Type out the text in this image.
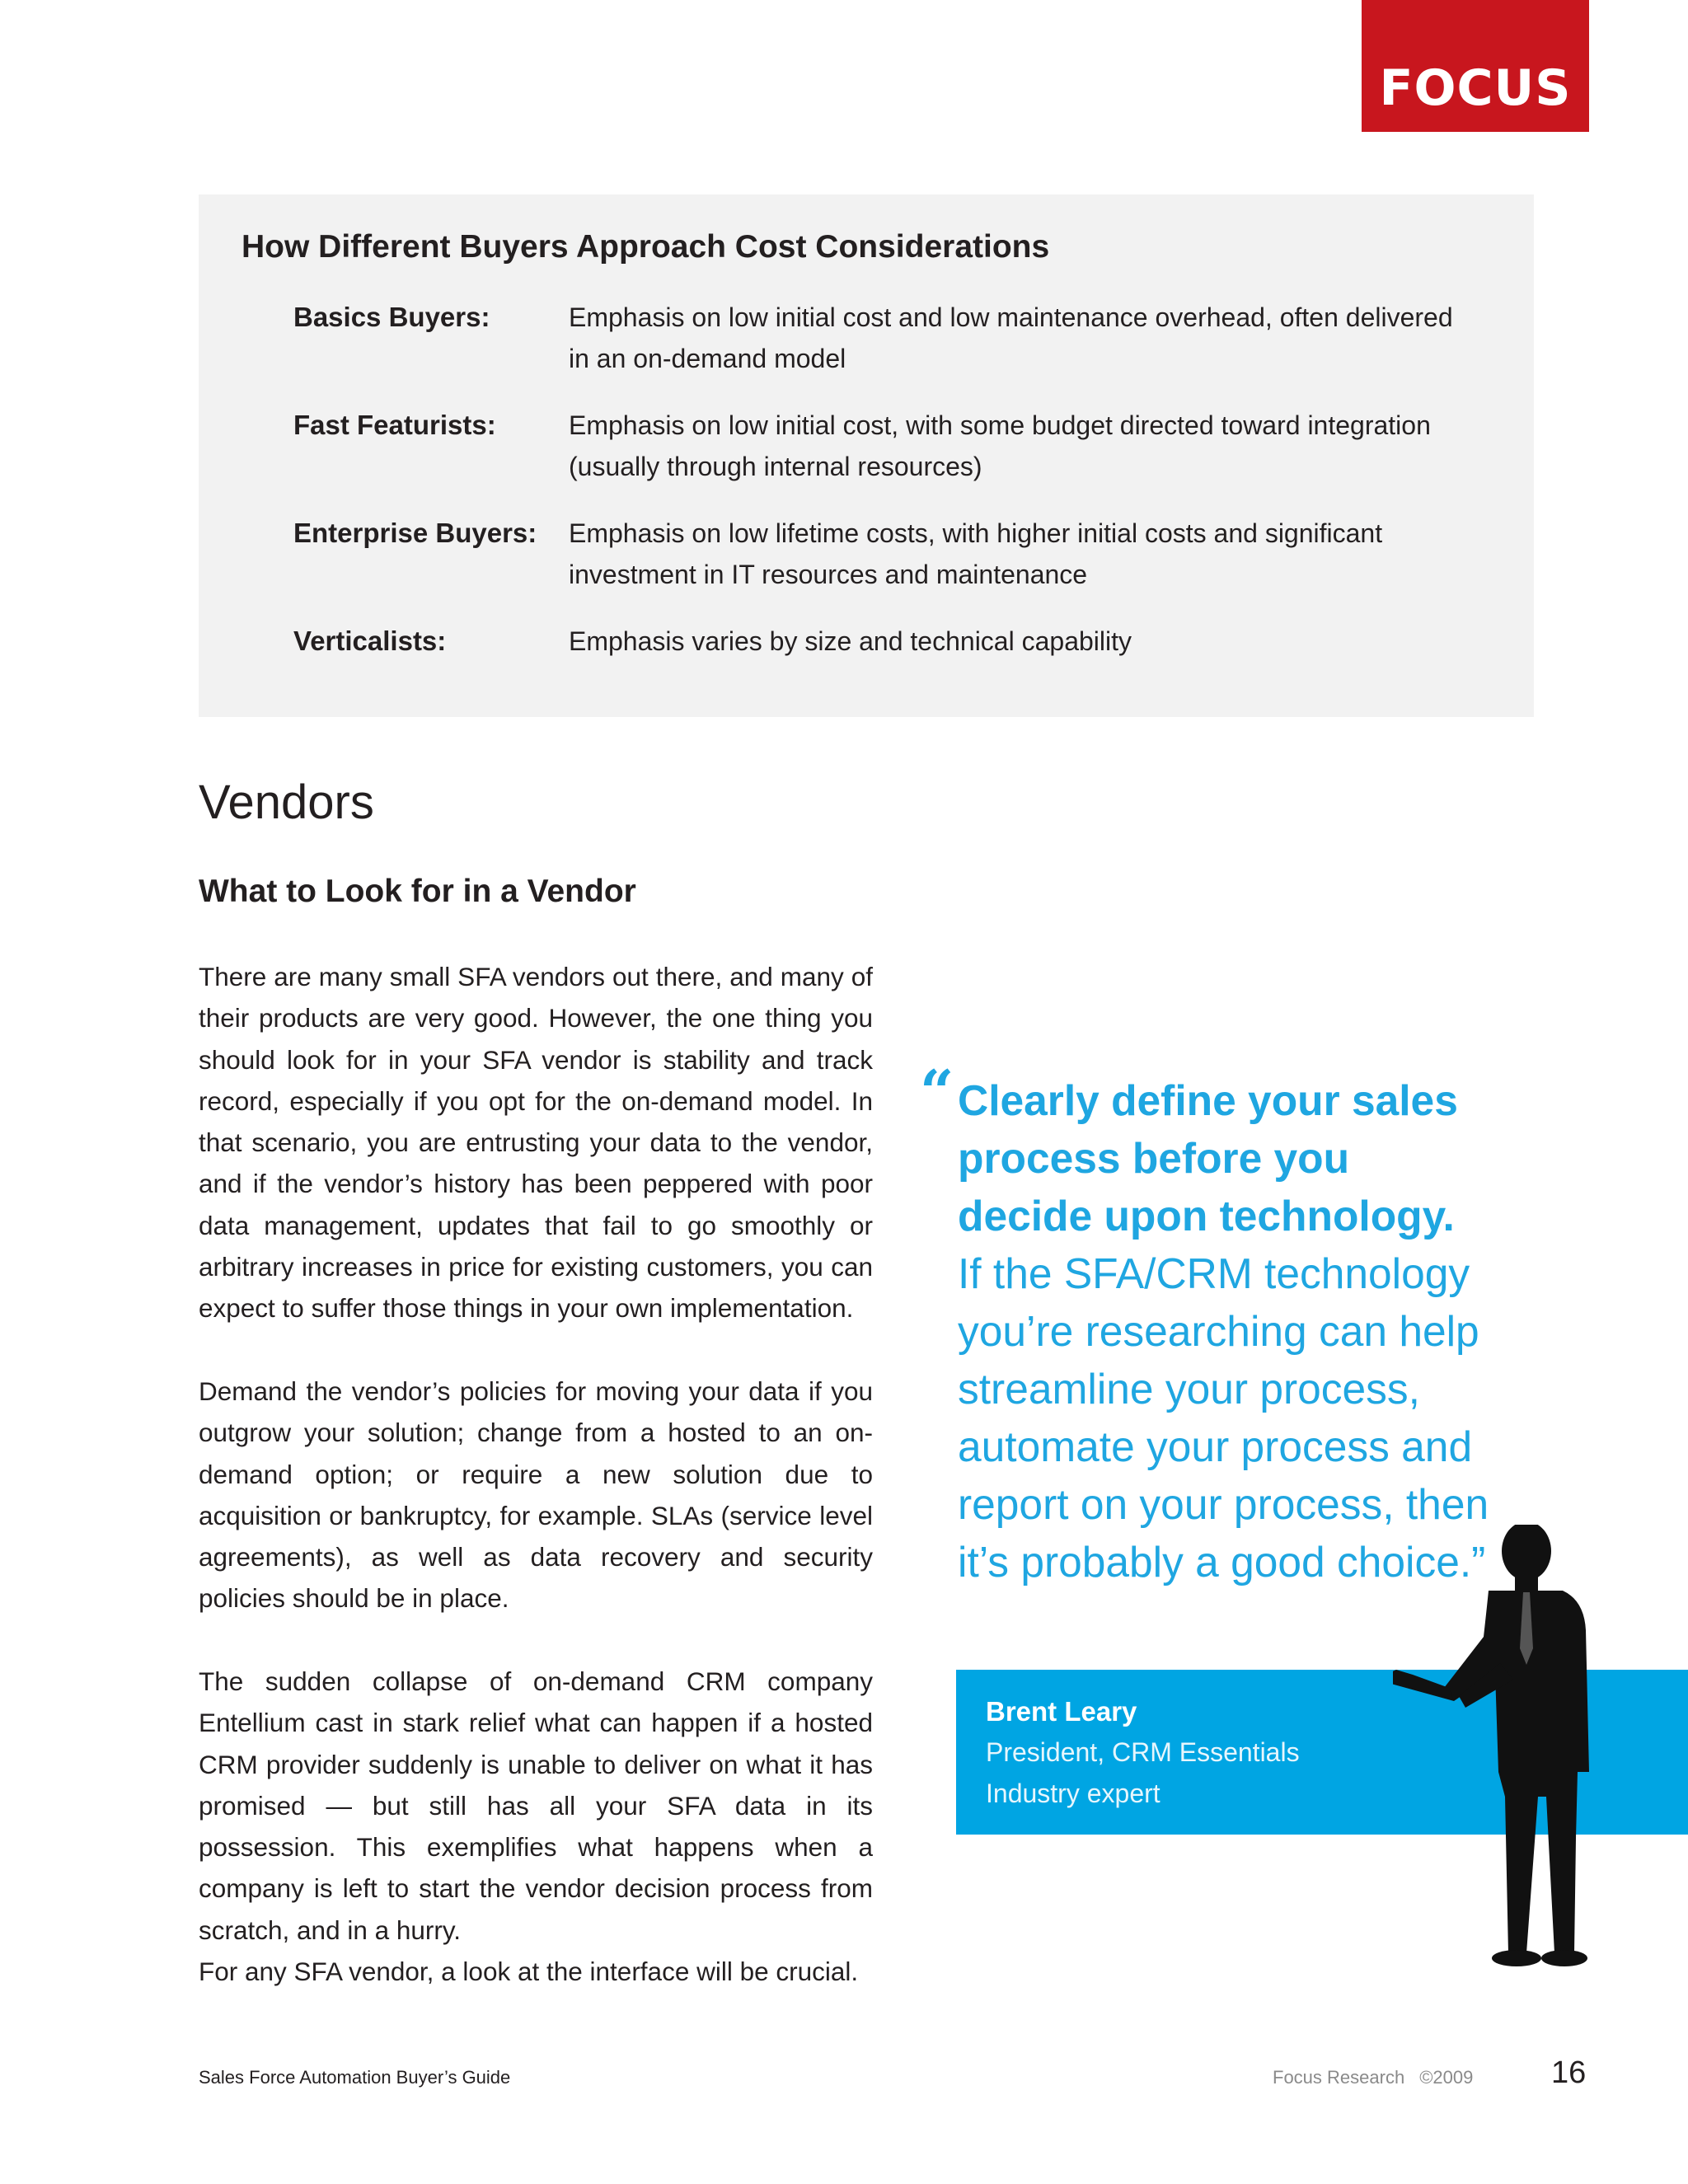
FOCUS
How Different Buyers Approach Cost Considerations
Basics Buyers:	Emphasis on low initial cost and low maintenance overhead, often delivered
in an on-demand model
Fast Featurists:	Emphasis on low initial cost, with some budget directed toward integration
(usually through internal resources)
Enterprise Buyers: Emphasis on low lifetime costs, with higher initial costs and significant
investment in IT resources and maintenance
Verticalists:	Emphasis varies by size and technical capability
Vendors
What to Look for in a Vendor

There are many small SFA vendors out there, and many of their products are very good. However, the one thing you should look for in your SFA vendor is stability and track record, especially if you opt for the on-demand model. In that scenario, you are entrusting your data to the vendor, and if the vendor’s history has been peppered with poor data management, updates that fail to go smoothly or arbitrary increases in price for existing customers, you can expect to suffer those things in your own implementation.

Demand the vendor’s policies for moving your data if you outgrow your solution; change from a hosted to an on-demand option; or require a new solution due to acquisition or bankruptcy, for example. SLAs (service level agreements), as well as data recovery and security policies should be in place.

The sudden collapse of on-demand CRM company Entellium cast in stark relief what can happen if a hosted CRM provider suddenly is unable to deliver on what it has promised — but still has all your SFA data in its possession. This exemplifies what happens when a company is left to start the vendor decision process from scratch, and in a hurry.

For any SFA vendor, a look at the interface will be crucial.

“ Clearly define your sales
process before you
decide upon technology.
If the SFA/CRM technology
you’re researching can help
streamline your process,
automate your process and
report on your process, then
it’s probably a good choice.”
Brent Leary
President, CRM Essentials
Industry expert
Sales Force Automation Buyer’s Guide	Focus Research ©2009 16
